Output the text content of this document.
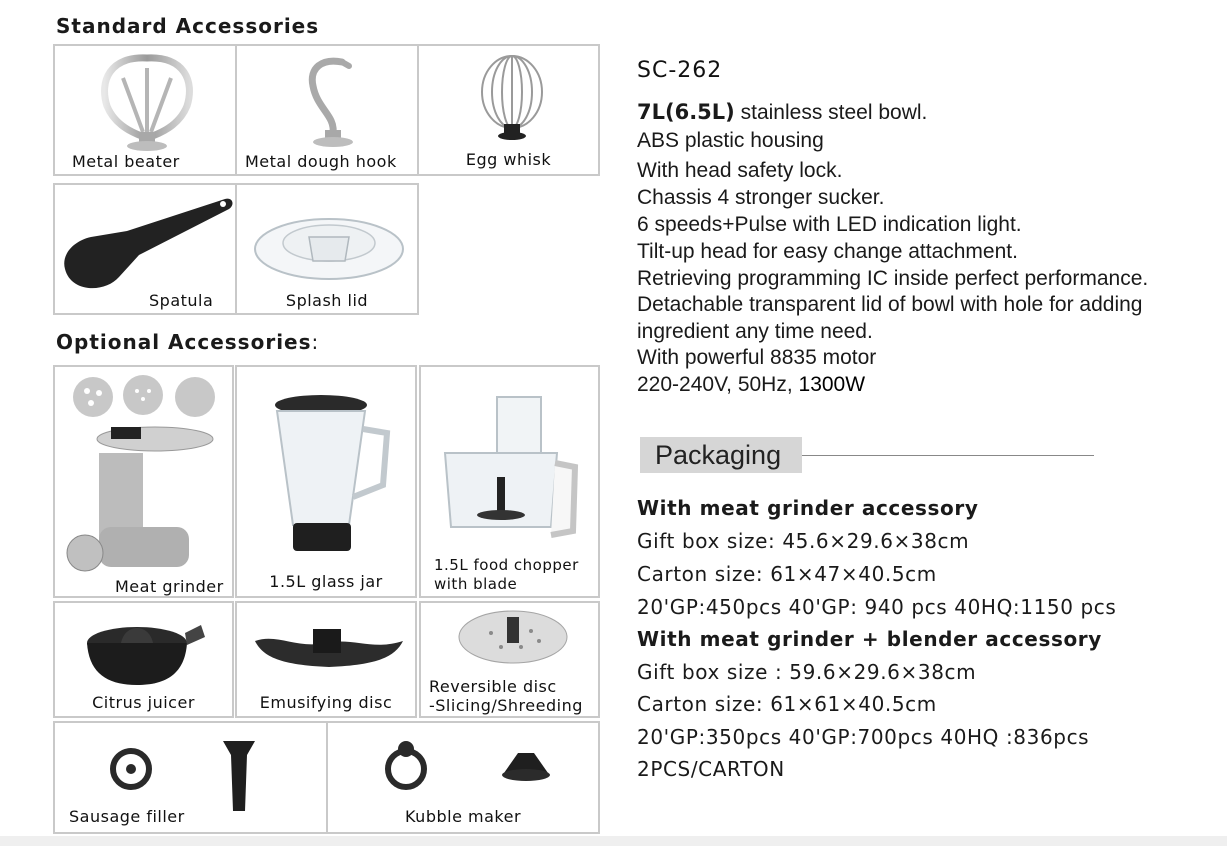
Standard Accessories
Metal beater	Metal dough hook	Egg whisk
Spatula	Splash lid
Optional Accessories:
Meat grinder	1.5L glass jar
1.5L food chopper
with blade
Citrus juicer	Emusifying disc
Reversible disc
-Slicing/Shreeding
Sausage filler	Kubble maker
SC-262
7L(6.5L) stainless steel bowl.
ABS plastic housing
With head safety lock.
Chassis 4 stronger sucker.
6 speeds+Pulse with LED indication light.
Tilt-up head for easy change attachment.
Retrieving programming IC inside perfect performance.
Detachable transparent lid of bowl with hole for adding
ingredient any time need.
With powerful 8835 motor
220-240V, 50Hz, 1300W
Packaging
With meat grinder accessory
Gift box size: 45.6×29.6×38cm
Carton size: 61×47×40.5cm
20'GP:450pcs 40'GP: 940 pcs 40HQ:1150 pcs
With meat grinder + blender accessory
Gift box size : 59.6×29.6×38cm
Carton size: 61×61×40.5cm
20'GP:350pcs 40'GP:700pcs 40HQ :836pcs
2PCS/CARTON
